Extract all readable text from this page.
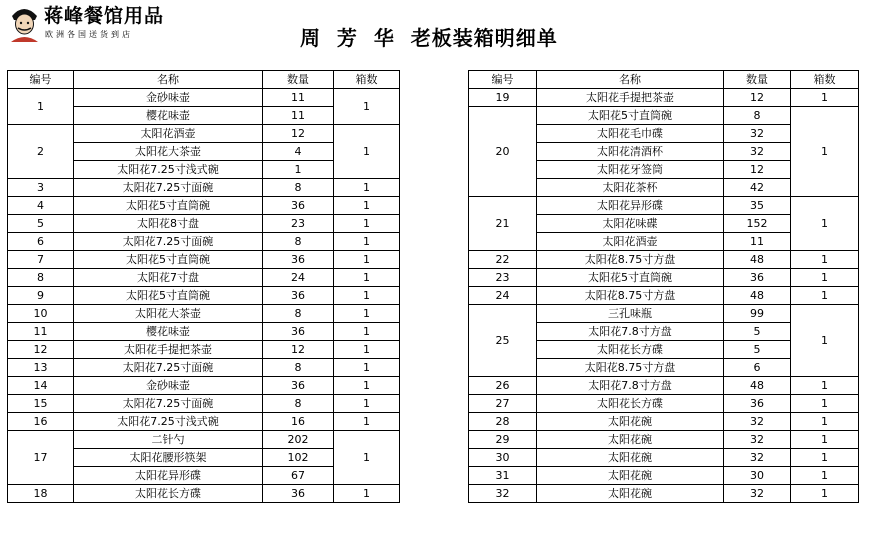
蒋峰餐馆用品
欧洲各国送货到店	周  芳  华  老板装箱明细单
编号	名称	数量	箱数
1	金砂味壶	11	1
	樱花味壶	11	
2	太阳花酒壶	12	1
	太阳花大茶壶	4	
	太阳花7.25寸浅式碗	1	
3	太阳花7.25寸面碗	8	1
4	太阳花5寸直筒碗	36	1
5	太阳花8寸盘	23	1
6	太阳花7.25寸面碗	8	1
7	太阳花5寸直筒碗	36	1
8	太阳花7寸盘	24	1
9	太阳花5寸直筒碗	36	1
10	太阳花大茶壶	8	1
11	樱花味壶	36	1
12	太阳花手提把茶壶	12	1
13	太阳花7.25寸面碗	8	1
14	金砂味壶	36	1
15	太阳花7.25寸面碗	8	1
16	太阳花7.25寸浅式碗	16	1
17	二针勺	202	1
	太阳花腰形筷架	102	
	太阳花异形碟	67	
18	太阳花长方碟	36	1
编号	名称	数量	箱数
19	太阳花手提把茶壶	12	1
20	太阳花5寸直筒碗	8	1
	太阳花毛巾碟	32	
	太阳花清酒杯	32	
	太阳花牙签筒	12	
	太阳花茶杯	42	
21	太阳花异形碟	35	1
	太阳花味碟	152	
	太阳花酒壶	11	
22	太阳花8.75寸方盘	48	1
23	太阳花5寸直筒碗	36	1
24	太阳花8.75寸方盘	48	1
25	三孔味瓶	99	1
	太阳花7.8寸方盘	5	
	太阳花长方碟	5	
	太阳花8.75寸方盘	6	
26	太阳花7.8寸方盘	48	1
27	太阳花长方碟	36	1
28	太阳花碗	32	1
29	太阳花碗	32	1
30	太阳花碗	32	1
31	太阳花碗	30	1
32	太阳花碗	32	1
